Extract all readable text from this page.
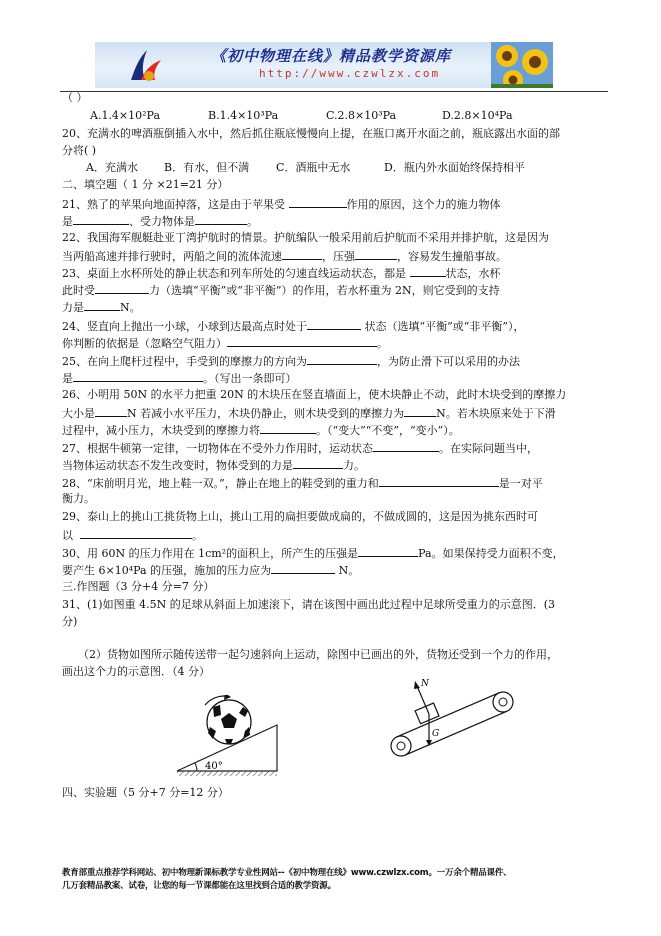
《初中物理在线》精品教学资源库
http://www.czwlzx.com
（ ）
A.1.4×10²Pa	B.1.4×10³Pa	C.2.8×10³Pa	D.2.8×10⁴Pa
20、充满水的啤酒瓶倒插入水中，然后抓住瓶底慢慢向上提，在瓶口离开水面之前，瓶底露出水面的部
分将( )
A．充满水 B．有水，但不满 C．酒瓶中无水	D．瓶内外水面始终保持相平
二、填空题（ 1 分 ×21=21 分）
21、熟了的苹果向地面掉落，这是由于苹果受	作用的原因，这个力的施力物体
是	、受力物体是	。
22、我国海军舰艇赴亚丁湾护航时的情景。护航编队一般采用前后护航而不采用并排护航，这是因为
当两船高速并排行驶时，两船之间的流体流速	，压强	，容易发生撞船事故。
23、桌面上水杯所处的静止状态和列车所处的匀速直线运动状态，都是	状态，水杯
此时受	力（选填“平衡”或“非平衡”）的作用，若水杯重为 2N，则它受到的支持
力是	N。
24、竖直向上抛出一小球，小球到达最高点时处于	状态（选填“平衡”或“非平衡”），
你判断的依据是（忽略空气阻力）	。
25、在向上爬杆过程中，手受到的摩擦力的方向为	，为防止滑下可以采用的办法
是	。（写出一条即可）
26、小明用 50N 的水平力把重 20N 的木块压在竖直墙面上，使木块静止不动，此时木块受到的摩擦力
大小是	N 若减小水平压力，木块仍静止，则木块受到的摩擦力为	N。若木块原来处于下滑
过程中，减小压力，木块受到的摩擦力将	。（“变大”“不变”，“变小”）。
27、根据牛顿第一定律，一切物体在不受外力作用时，运动状态	。在实际问题当中，
当物体运动状态不发生改变时，物体受到的力是	力。
28、“床前明月光，地上鞋一双。”，静止在地上的鞋受到的重力和	是一对平
衡力。
29、泰山上的挑山工挑货物上山，挑山工用的扁担要做成扁的，不做成圆的，这是因为挑东西时可
以	。
30、用 60N 的压力作用在 1cm²的面积上，所产生的压强是	Pa。如果保持受力面积不变，
要产生 6×10⁴Pa 的压强，施加的压力应为	N。
三.作图题（3 分+4 分=7 分）
31、(1)如图重 4.5N 的足球从斜面上加速滚下，请在该图中画出此过程中足球所受重力的示意图．(3
分)
（2）货物如图所示随传送带一起匀速斜向上运动，除图中已画出的外，货物还受到一个力的作用，
画出这个力的示意图．（4 分）
40°
N
G
四、实验题（5 分+7 分=12 分）
教育部重点推荐学科网站、初中物理新课标教学专业性网站--《初中物理在线》www.czwlzx.com。一万余个精品课件、
几万套精品教案、试卷，让您的每一节课都能在这里找到合适的教学资源。
